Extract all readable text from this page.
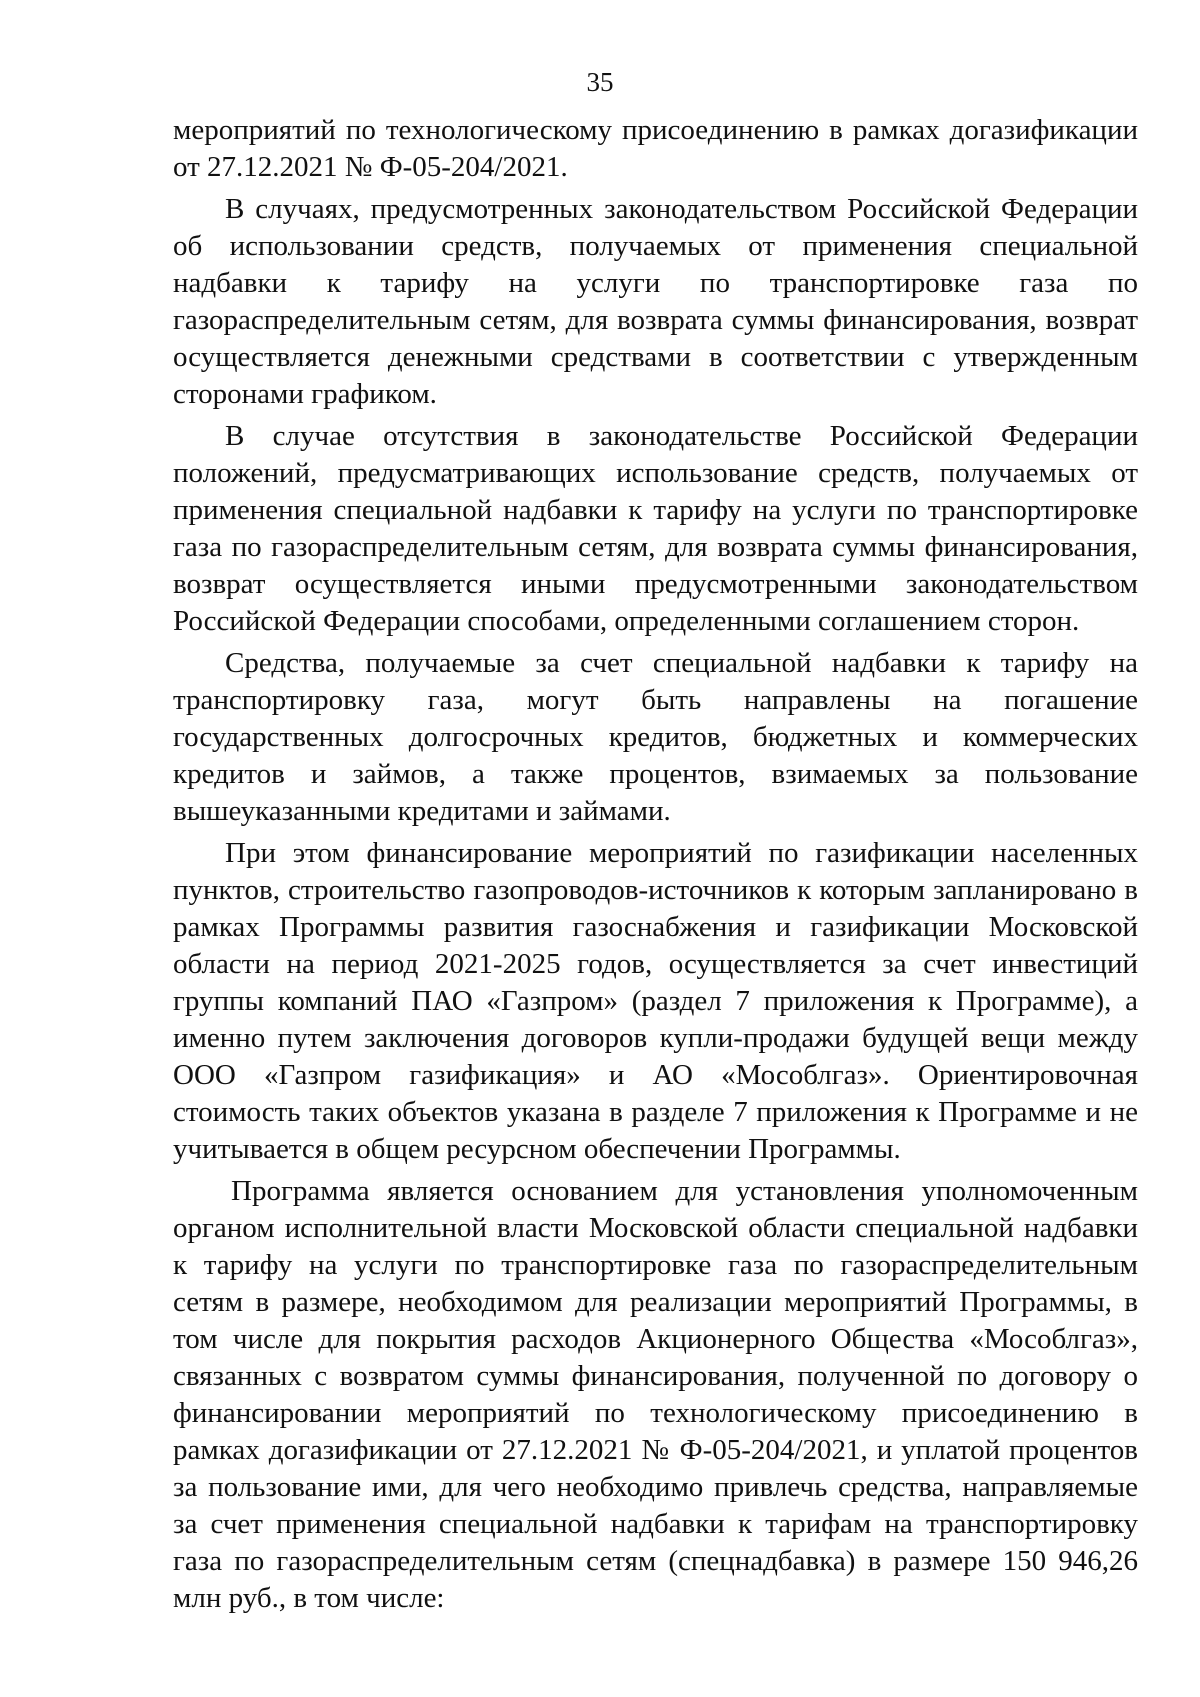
35

мероприятий по технологическому присоединению в рамках догазификации от 27.12.2021 № Ф-05-204/2021.

В случаях, предусмотренных законодательством Российской Федерации об использовании средств, получаемых от применения специальной надбавки к тарифу на услуги по транспортировке газа по газораспределительным сетям, для возврата суммы финансирования, возврат осуществляется денежными средствами в соответствии с утвержденным сторонами графиком.

В случае отсутствия в законодательстве Российской Федерации положений, предусматривающих использование средств, получаемых от применения специальной надбавки к тарифу на услуги по транспортировке газа по газораспределительным сетям, для возврата суммы финансирования, возврат осуществляется иными предусмотренными законодательством Российской Федерации способами, определенными соглашением сторон.

Средства, получаемые за счет специальной надбавки к тарифу на транспортировку газа, могут быть направлены на погашение государственных долгосрочных кредитов, бюджетных и коммерческих кредитов и займов, а также процентов, взимаемых за пользование вышеуказанными кредитами и займами.

При этом финансирование мероприятий по газификации населенных пунктов, строительство газопроводов-источников к которым запланировано в рамках Программы развития газоснабжения и газификации Московской области на период 2021-2025 годов, осуществляется за счет инвестиций группы компаний ПАО «Газпром» (раздел 7 приложения к Программе), а именно путем заключения договоров купли-продажи будущей вещи между ООО «Газпром газификация» и АО «Мособлгаз». Ориентировочная стоимость таких объектов указана в разделе 7 приложения к Программе и не учитывается в общем ресурсном обеспечении Программы.

Программа является основанием для установления уполномоченным органом исполнительной власти Московской области специальной надбавки к тарифу на услуги по транспортировке газа по газораспределительным сетям в размере, необходимом для реализации мероприятий Программы, в том числе для покрытия расходов Акционерного Общества «Мособлгаз», связанных с возвратом суммы финансирования, полученной по договору о финансировании мероприятий по технологическому присоединению в рамках догазификации от 27.12.2021 № Ф-05-204/2021, и уплатой процентов за пользование ими, для чего необходимо привлечь средства, направляемые за счет применения специальной надбавки к тарифам на транспортировку газа по газораспределительным сетям (спецнадбавка) в размере 150 946,26 млн руб., в том числе:
